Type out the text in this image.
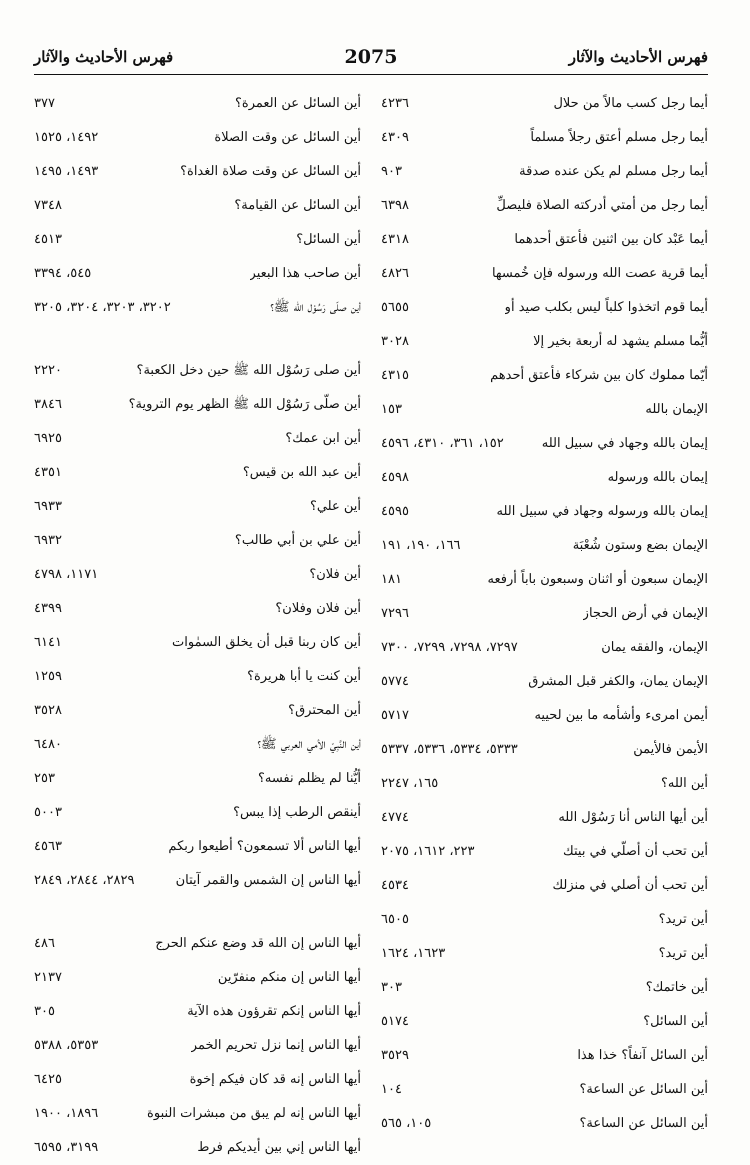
فهرس الأحاديث والآثار
2075
فهرس الأحاديث والآثار
أيما رجل كسب مالاً من حلال
٤٢٣٦
أيما رجل مسلم أعتق رجلاً مسلماً
٤٣٠٩
أيما رجل مسلم لم يكن عنده صدقة
٩٠٣
أيما رجل من أمتي أدركته الصلاة فليصلِّ
٦٣٩٨
أيما عَبْد كان بين اثنين فأعتق أحدهما
٤٣١٨
أيما قرية عصت الله ورسوله فإن خُمسها
٤٨٢٦
أيما قوم اتخذوا كلباً ليس بكلب صيد أو
٥٦٥٥
أيُّما مسلم يشهد له أربعة بخير إلا
٣٠٢٨
أيّما مملوك كان بين شركاء فأعتق أحدهم
٤٣١٥
الإيمان بالله
١٥٣
إيمان بالله وجهاد في سبيل الله
١٥٢، ٣٦١، ٤٣١٠، ٤٥٩٦
إيمان بالله ورسوله
٤٥٩٨
إيمان بالله ورسوله وجهاد في سبيل الله
٤٥٩٥
الإيمان بضع وستون شُعْبَة
١٦٦، ١٩٠، ١٩١
الإيمان سبعون أو اثنان وسبعون باباً أرفعه
١٨١
الإيمان في أرض الحجاز
٧٢٩٦
الإيمان، والفقه يمان
٧٢٩٧، ٧٢٩٨، ٧٢٩٩، ٧٣٠٠
الإيمان يمان، والكفر قبل المشرق
٥٧٧٤
أيمن امرىء وأشأمه ما بين لحييه
٥٧١٧
الأيمن فالأيمن
٥٣٣٣، ٥٣٣٤، ٥٣٣٦، ٥٣٣٧
أين الله؟
١٦٥، ٢٢٤٧
أين أيها الناس أنا رَسُوْل الله
٤٧٧٤
أين تحب أن أصلّي في بيتك
٢٢٣، ١٦١٢، ٢٠٧٥
أين تحب أن أصلي في منزلك
٤٥٣٤
أين تريد؟
٦٥٠٥
أين تريد؟
١٦٢٣، ١٦٢٤
أين خاتمك؟
٣٠٣
أين السائل؟
٥١٧٤
أين السائل آنفاً؟ خذا هذا
٣٥٢٩
أين السائل عن الساعة؟
١٠٤
أين السائل عن الساعة؟
١٠٥، ٥٦٥
أين السائل عن العمرة؟
٣٧٧
أين السائل عن وقت الصلاة
١٤٩٢، ١٥٢٥
أين السائل عن وقت صلاة الغداة؟
١٤٩٣، ١٤٩٥
أين السائل عن القيامة؟
٧٣٤٨
أين السائل؟
٤٥١٣
أين صاحب هذا البعير
٥٤٥، ٣٣٩٤
أين صلّى رَسُوْل الله ﷺ؟
٣٢٠٢، ٣٢٠٣، ٣٢٠٤، ٣٢٠٥
أين صلى رَسُوْل الله ﷺ حين دخل الكعبة؟
٢٢٢٠
أين صلّى رَسُوْل الله ﷺ الظهر يوم التروية؟
٣٨٤٦
أين ابن عمك؟
٦٩٢٥
أين عبد الله بن قيس؟
٤٣٥١
أين علي؟
٦٩٣٣
أين علي بن أبي طالب؟
٦٩٣٢
أين فلان؟
١١٧١، ٤٧٩٨
أين فلان وفلان؟
٤٣٩٩
أين كان ربنا قبل أن يخلق السمٰوات
٦١٤١
أين كنت يا أبا هريرة؟
١٢٥٩
أين المحترق؟
٣٥٢٨
أين النَّبِيّ الأمي العربي ﷺ؟
٦٤٨٠
أيُّنا لم يظلم نفسه؟
٢٥٣
أينقص الرطب إذا يبس؟
٥٠٠٣
أيها الناس ألا تسمعون؟ أطيعوا ربكم
٤٥٦٣
أيها الناس إن الشمس والقمر آيتان
٢٨٢٩، ٢٨٤٤، ٢٨٤٩
أيها الناس إن الله قد وضع عنكم الحرج
٤٨٦
أيها الناس إن منكم منفرّين
٢١٣٧
أيها الناس إنكم تقرؤون هذه الآية
٣٠٥
أيها الناس إنما نزل تحريم الخمر
٥٣٥٣، ٥٣٨٨
أيها الناس إنه قد كان فيكم إخوة
٦٤٢٥
أيها الناس إنه لم يبق من مبشرات النبوة
١٨٩٦، ١٩٠٠
أيها الناس إني بين أيديكم فرط
٣١٩٩، ٦٥٩٥
